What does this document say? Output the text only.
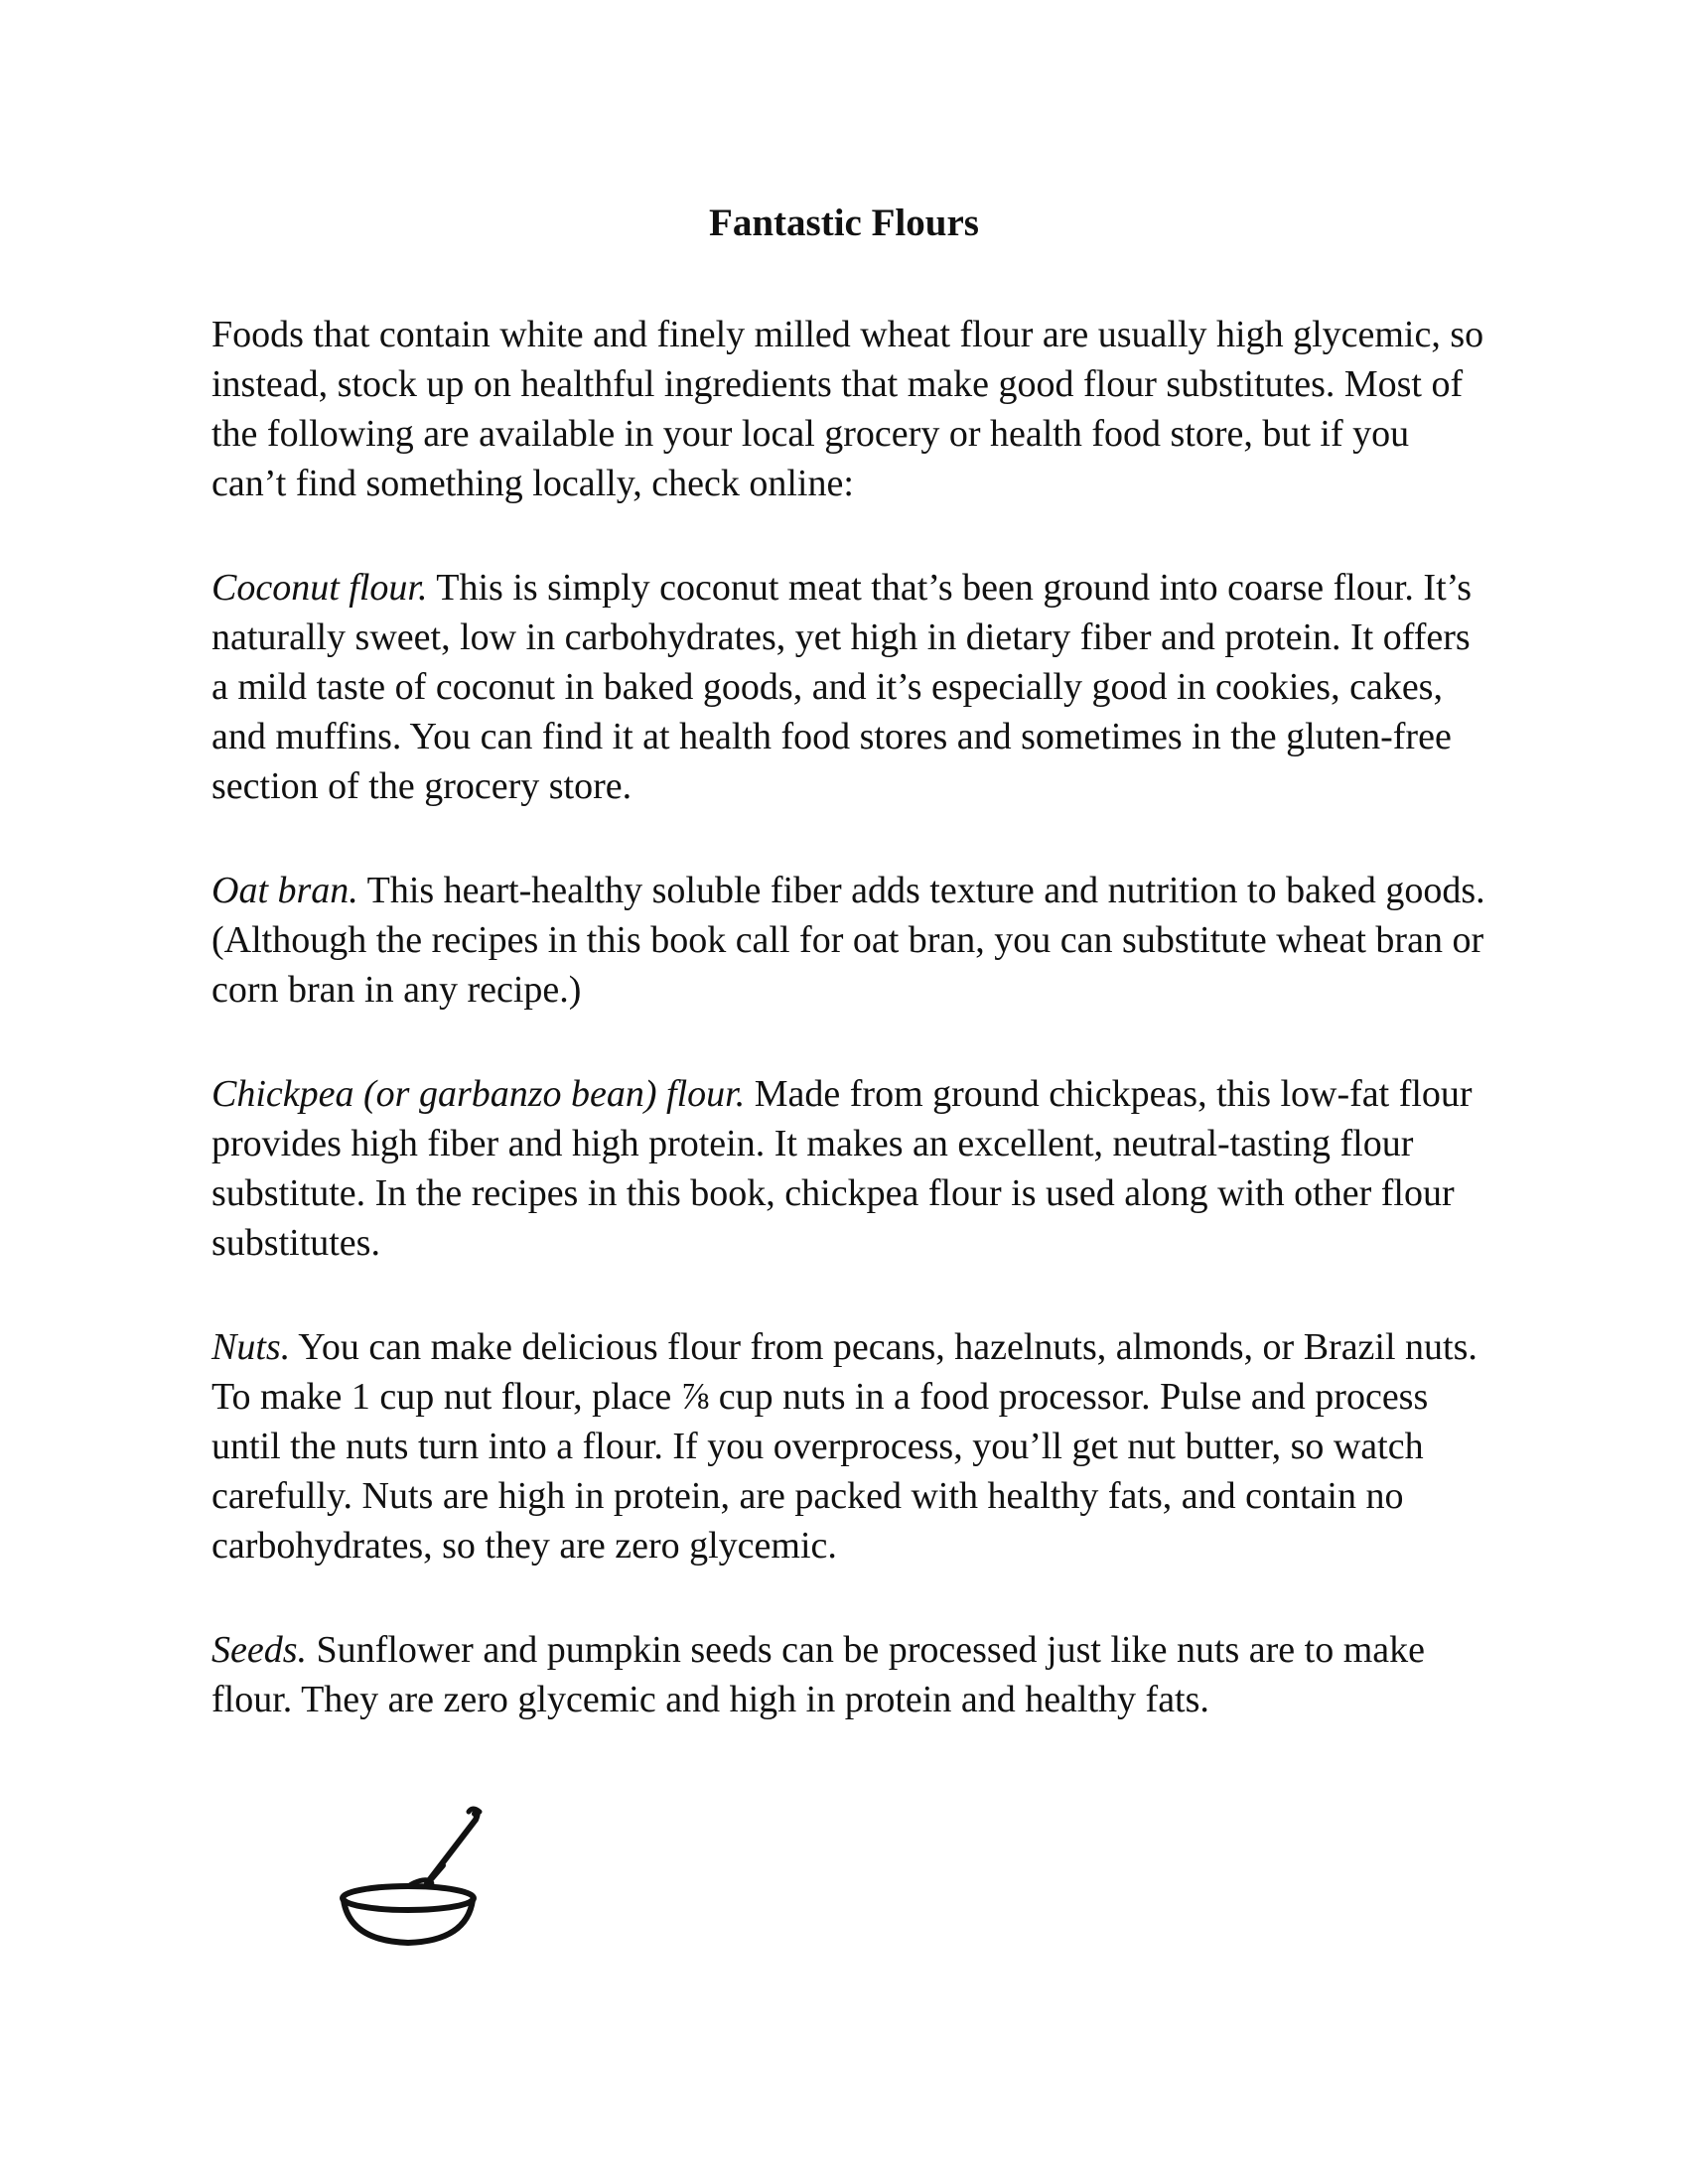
Fantastic Flours

Foods that contain white and finely milled wheat flour are usually high glycemic, so instead, stock up on healthful ingredients that make good flour substitutes. Most of the following are available in your local grocery or health food store, but if you can’t find something locally, check online:

Coconut flour. This is simply coconut meat that’s been ground into coarse flour. It’s naturally sweet, low in carbohydrates, yet high in dietary fiber and protein. It offers a mild taste of coconut in baked goods, and it’s especially good in cookies, cakes, and muffins. You can find it at health food stores and sometimes in the gluten-free section of the grocery store.

Oat bran. This heart-healthy soluble fiber adds texture and nutrition to baked goods. (Although the recipes in this book call for oat bran, you can substitute wheat bran or corn bran in any recipe.)

Chickpea (or garbanzo bean) flour. Made from ground chickpeas, this low-fat flour provides high fiber and high protein. It makes an excellent, neutral-tasting flour substitute. In the recipes in this book, chickpea flour is used along with other flour substitutes.

Nuts. You can make delicious flour from pecans, hazelnuts, almonds, or Brazil nuts. To make 1 cup nut flour, place ⅞ cup nuts in a food processor. Pulse and process until the nuts turn into a flour. If you overprocess, you’ll get nut butter, so watch carefully. Nuts are high in protein, are packed with healthy fats, and contain no carbohydrates, so they are zero glycemic.

Seeds. Sunflower and pumpkin seeds can be processed just like nuts are to make flour. They are zero glycemic and high in protein and healthy fats.
